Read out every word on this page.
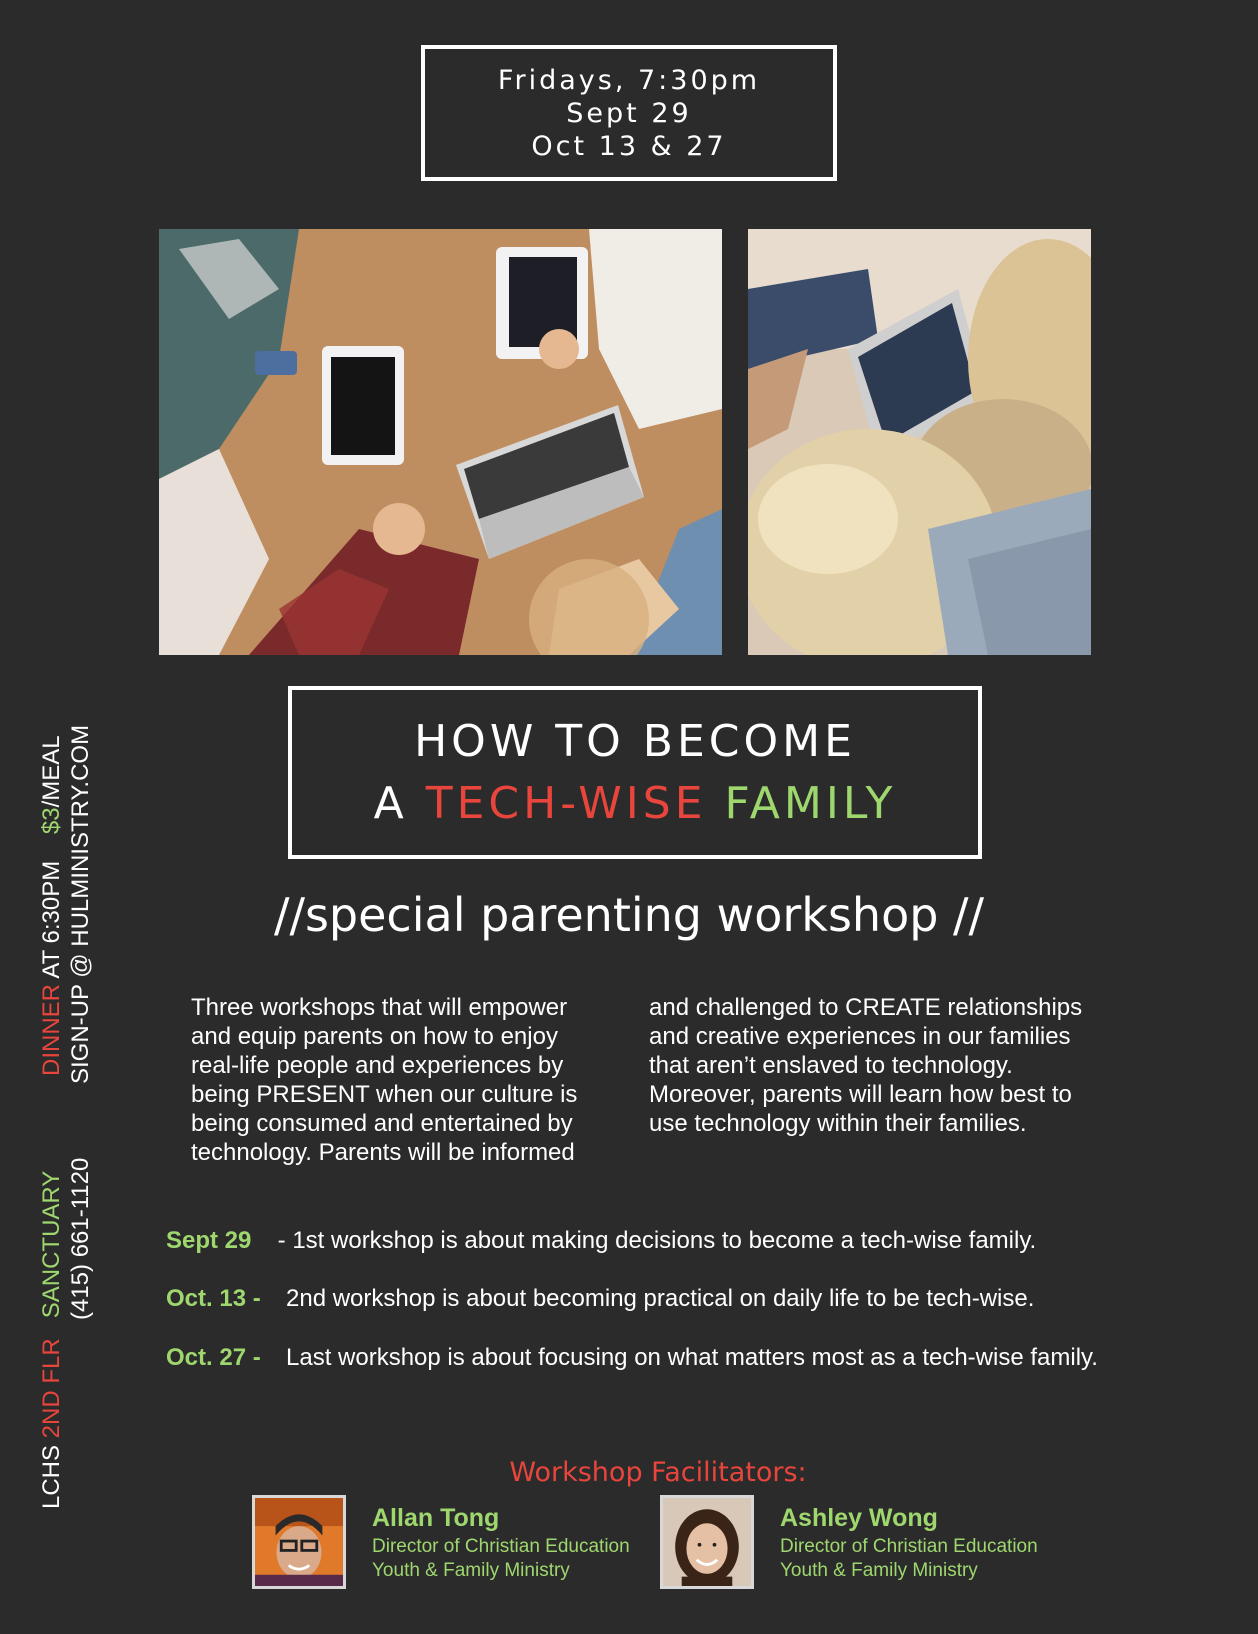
Fridays, 7:30pm
Sept 29
Oct 13 & 27
HOW TO BECOME
A TECH-WISE FAMILY
//special parenting workshop //
Three workshops that will empower and equip parents on how to enjoy real-life people and experiences by being PRESENT when our culture is being consumed and entertained by technology. Parents will be informed
and challenged to CREATE relationships and creative experiences in our families that aren’t enslaved to technology. Moreover, parents will learn how best to use technology within their families.
Sept 29 - 1st workshop is about making decisions to become a tech-wise family.
Oct. 13 - 2nd workshop is about becoming practical on daily life to be tech-wise.
Oct. 27 - Last workshop is about focusing on what matters most as a tech-wise family.
DINNER AT 6:30PM    $3/MEAL SIGN-UP @ HULMINISTRY.COM
LCHS 2ND FLR   SANCTUARY (415) 661-1120
Workshop Facilitators:
Allan Tong
Director of Christian Education
Youth & Family Ministry
Ashley Wong
Director of Christian Education
Youth & Family Ministry
